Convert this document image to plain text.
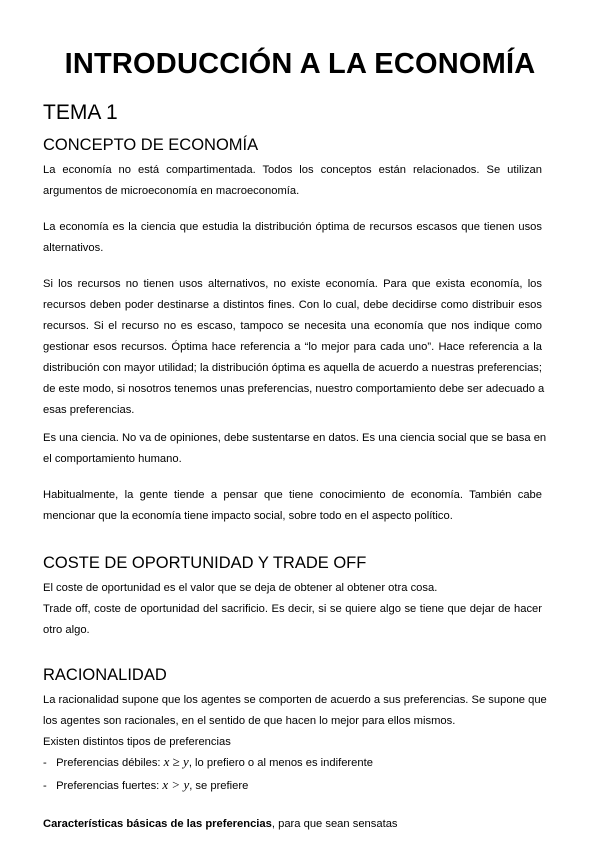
INTRODUCCIÓN A LA ECONOMÍA
TEMA 1
CONCEPTO DE ECONOMÍA
La economía no está compartimentada. Todos los conceptos están relacionados. Se utilizan
argumentos de microeconomía en macroeconomía.
La economía es la ciencia que estudia la distribución óptima de recursos escasos que tienen usos
alternativos.
Si los recursos no tienen usos alternativos, no existe economía. Para que exista economía, los
recursos deben poder destinarse a distintos fines. Con lo cual, debe decidirse como distribuir esos
recursos. Si el recurso no es escaso, tampoco se necesita una economía que nos indique como
gestionar esos recursos. Óptima hace referencia a “lo mejor para cada uno”. Hace referencia a la
distribución con mayor utilidad; la distribución óptima es aquella de acuerdo a nuestras preferencias;
de este modo, si nosotros tenemos unas preferencias, nuestro comportamiento debe ser adecuado a
esas preferencias.
Es una ciencia. No va de opiniones, debe sustentarse en datos. Es una ciencia social que se basa en
el comportamiento humano.
Habitualmente, la gente tiende a pensar que tiene conocimiento de economía. También cabe
mencionar que la economía tiene impacto social, sobre todo en el aspecto político.
COSTE DE OPORTUNIDAD Y TRADE OFF
El coste de oportunidad es el valor que se deja de obtener al obtener otra cosa.
Trade off, coste de oportunidad del sacrificio. Es decir, si se quiere algo se tiene que dejar de hacer
otro algo.
RACIONALIDAD
La racionalidad supone que los agentes se comporten de acuerdo a sus preferencias. Se supone que
los agentes son racionales, en el sentido de que hacen lo mejor para ellos mismos.
Existen distintos tipos de preferencias
- Preferencias débiles: x ≥ y, lo prefiero o al menos es indiferente
- Preferencias fuertes: x > y, se prefiere
Características básicas de las preferencias, para que sean sensatas
